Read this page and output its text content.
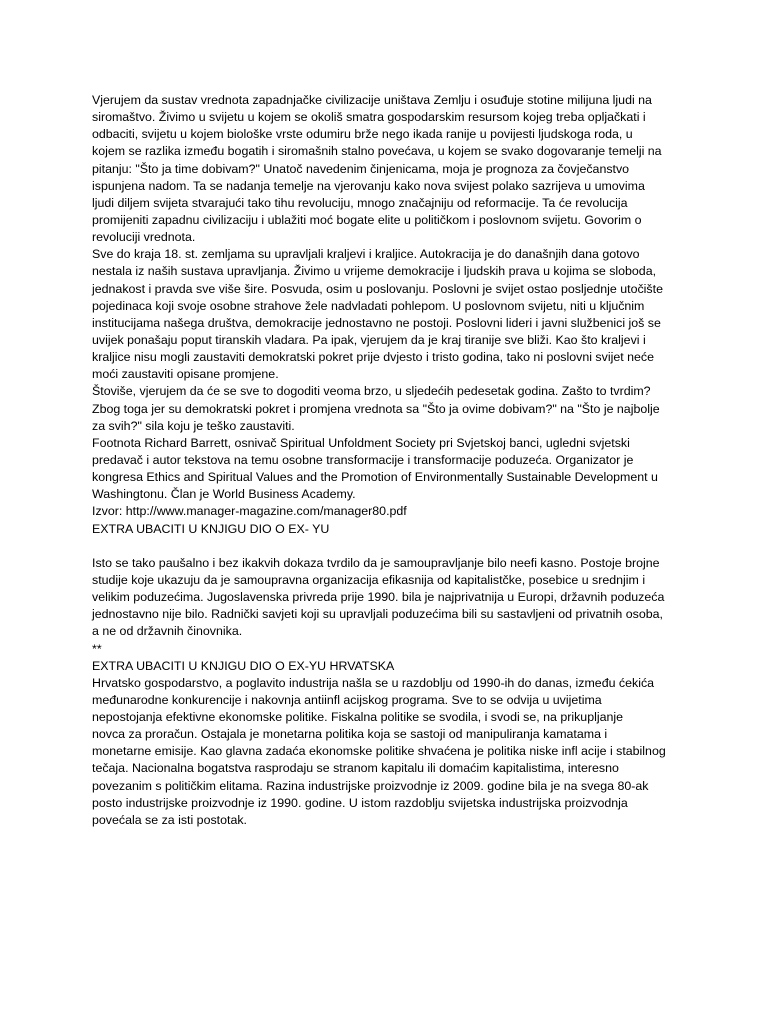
Vjerujem da sustav vrednota zapadnjačke civilizacije uništava Zemlju i osuđuje stotine milijuna ljudi na
siromaštvo. Živimo u svijetu u kojem se okoliš smatra gospodarskim resursom kojeg treba opljačkati i
odbaciti, svijetu u kojem biološke vrste odumiru brže nego ikada ranije u povijesti ljudskoga roda, u
kojem se razlika između bogatih i siromašnih stalno povećava, u kojem se svako dogovaranje temelji na
pitanju: "Što ja time dobivam?" Unatoč navedenim činjenicama, moja je prognoza za čovječanstvo
ispunjena nadom. Ta se nadanja temelje na vjerovanju kako nova svijest polako sazrijeva u umovima
ljudi diljem svijeta stvarajući tako tihu revoluciju, mnogo značajniju od reformacije. Ta će revolucija
promijeniti zapadnu civilizaciju i ublažiti moć bogate elite u političkom i poslovnom svijetu. Govorim o
revoluciji vrednota.
Sve do kraja 18. st. zemljama su upravljali kraljevi i kraljice. Autokracija je do današnjih dana gotovo
nestala iz naših sustava upravljanja. Živimo u vrijeme demokracije i ljudskih prava u kojima se sloboda,
jednakost i pravda sve više šire. Posvuda, osim u poslovanju. Poslovni je svijet ostao posljednje utočište
pojedinaca koji svoje osobne strahove žele nadvladati pohlepom. U poslovnom svijetu, niti u ključnim
institucijama našega društva, demokracije jednostavno ne postoji. Poslovni lideri i javni službenici još se
uvijek ponašaju poput tiranskih vladara. Pa ipak, vjerujem da je kraj tiranije sve bliži. Kao što kraljevi i
kraljice nisu mogli zaustaviti demokratski pokret prije dvjesto i tristo godina, tako ni poslovni svijet neće
moći zaustaviti opisane promjene.
Štoviše, vjerujem da će se sve to dogoditi veoma brzo, u sljedećih pedesetak godina. Zašto to tvrdim?
Zbog toga jer su demokratski pokret i promjena vrednota sa "Što ja ovime dobivam?" na "Što je najbolje
za svih?" sila koju je teško zaustaviti.
Footnota Richard Barrett, osnivač Spiritual Unfoldment Society pri Svjetskoj banci, ugledni svjetski
predavač i autor tekstova na temu osobne transformacije i transformacije poduzeća. Organizator je
kongresa Ethics and Spiritual Values and the Promotion of Environmentally Sustainable Development u
Washingtonu. Član je World Business Academy.
Izvor: http://www.manager-magazine.com/manager80.pdf
EXTRA UBACITI U KNJIGU DIO O EX- YU
Isto se tako paušalno i bez ikakvih dokaza tvrdilo da je samoupravljanje bilo neefi kasno. Postoje brojne
studije koje ukazuju da je samoupravna organizacija efikasnija od kapitalistčke, posebice u srednjim i
velikim poduzećima. Jugoslavenska privreda prije 1990. bila je najprivatnija u Europi, državnih poduzeća
jednostavno nije bilo. Radnički savjeti koji su upravljali poduzećima bili su sastavljeni od privatnih osoba,
a ne od državnih činovnika.
**
EXTRA UBACITI U KNJIGU DIO O EX-YU HRVATSKA
Hrvatsko gospodarstvo, a poglavito industrija našla se u razdoblju od 1990-ih do danas, između ćekića
međunarodne konkurencije i nakovnja antiinfl acijskog programa. Sve to se odvija u uvijetima
nepostojanja efektivne ekonomske politike. Fiskalna politike se svodila, i svodi se, na prikupljanje
novca za proračun. Ostajala je monetarna politika koja se sastoji od manipuliranja kamatama i
monetarne emisije. Kao glavna zadaća ekonomske politike shvaćena je politika niske infl acije i stabilnog
tečaja. Nacionalna bogatstva rasprodaju se stranom kapitalu ili domaćim kapitalistima, interesno
povezanim s političkim elitama. Razina industrijske proizvodnje iz 2009. godine bila je na svega 80-ak
posto industrijske proizvodnje iz 1990. godine. U istom razdoblju svijetska industrijska proizvodnja
povećala se za isti postotak.
